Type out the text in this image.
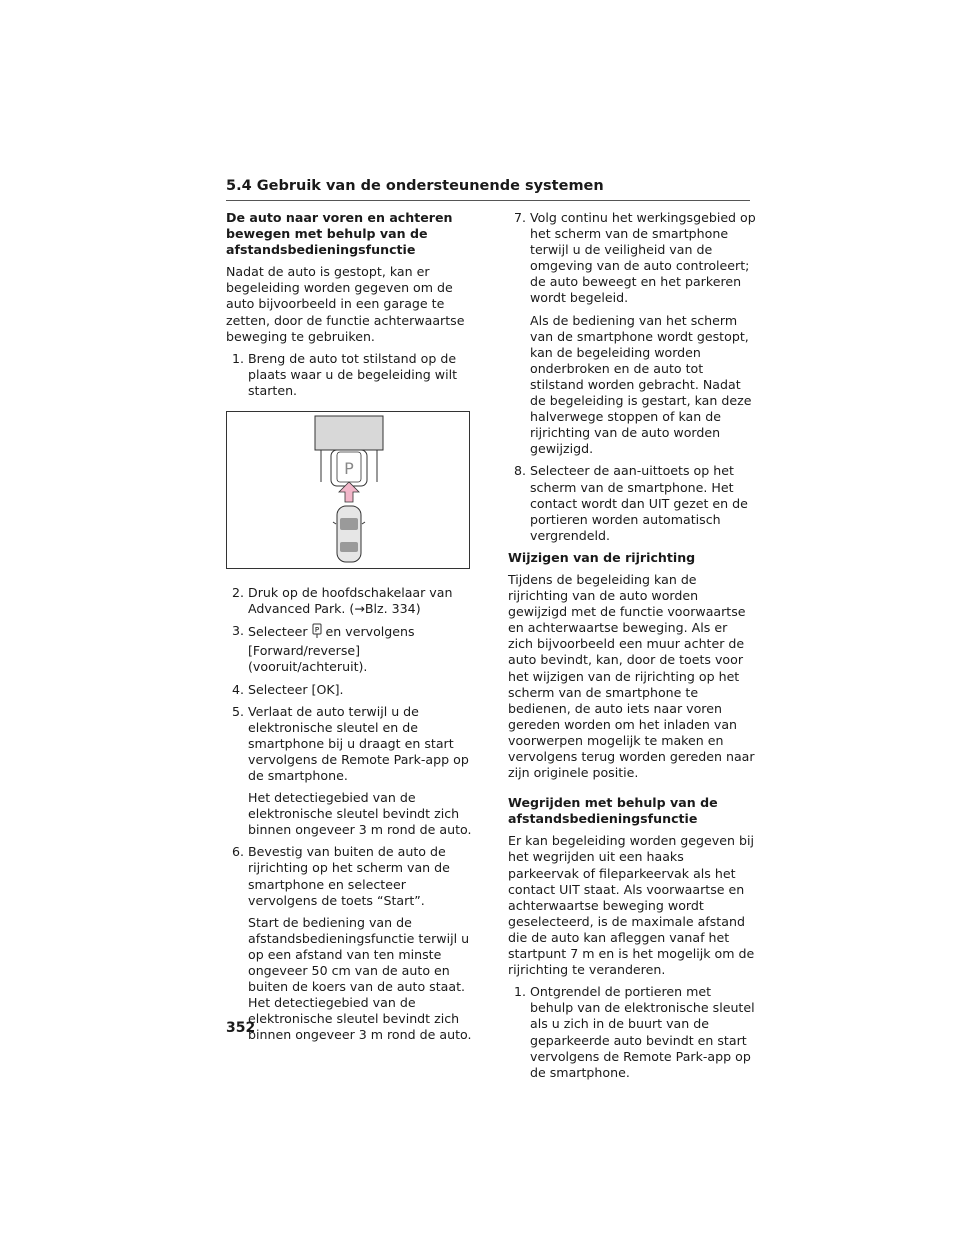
5.4 Gebruik van de ondersteunende systemen
De auto naar voren en achteren bewegen met behulp van de afstandsbedieningsfunctie

Nadat de auto is gestopt, kan er begeleiding worden gegeven om de auto bijvoorbeeld in een garage te zetten, door de functie achterwaartse beweging te gebruiken.

1. Breng de auto tot stilstand op de plaats waar u de begeleiding wilt starten.
P
2. Druk op de hoofdschakelaar van Advanced Park. (→Blz. 334)
3. Selecteer P en vervolgens [Forward/reverse] (vooruit/achteruit).
4. Selecteer [OK].
5. Verlaat de auto terwijl u de elektronische sleutel en de smartphone bij u draagt en start vervolgens de Remote Park-app op de smartphone.
Het detectiegebied van de elektronische sleutel bevindt zich binnen ongeveer 3 m rond de auto.
6. Bevestig van buiten de auto de rijrichting op het scherm van de smartphone en selecteer vervolgens de toets “Start”.
Start de bediening van de afstandsbedieningsfunctie terwijl u op een afstand van ten minste ongeveer 50 cm van de auto en buiten de koers van de auto staat. Het detectiegebied van de elektronische sleutel bevindt zich binnen ongeveer 3 m rond de auto.
7. Volg continu het werkingsgebied op het scherm van de smartphone terwijl u de veiligheid van de omgeving van de auto controleert; de auto beweegt en het parkeren wordt begeleid.
Als de bediening van het scherm van de smartphone wordt gestopt, kan de begeleiding worden onderbroken en de auto tot stilstand worden gebracht. Nadat de begeleiding is gestart, kan deze halverwege stoppen of kan de rijrichting van de auto worden gewijzigd.
8. Selecteer de aan-uittoets op het scherm van de smartphone. Het contact wordt dan UIT gezet en de portieren worden automatisch vergrendeld.
Wijzigen van de rijrichting

Tijdens de begeleiding kan de rijrichting van de auto worden gewijzigd met de functie voorwaartse en achterwaartse beweging. Als er zich bijvoorbeeld een muur achter de auto bevindt, kan, door de toets voor het wijzigen van de rijrichting op het scherm van de smartphone te bedienen, de auto iets naar voren gereden worden om het inladen van voorwerpen mogelijk te maken en vervolgens terug worden gereden naar zijn originele positie.

Wegrijden met behulp van de afstandsbedieningsfunctie

Er kan begeleiding worden gegeven bij het wegrijden uit een haaks parkeervak of fileparkeervak als het contact UIT staat. Als voorwaartse en achterwaartse beweging wordt geselecteerd, is de maximale afstand die de auto kan afleggen vanaf het startpunt 7 m en is het mogelijk om de rijrichting te veranderen.

1. Ontgrendel de portieren met behulp van de elektronische sleutel als u zich in de buurt van de geparkeerde auto bevindt en start vervolgens de Remote Park-app op de smartphone.
352
